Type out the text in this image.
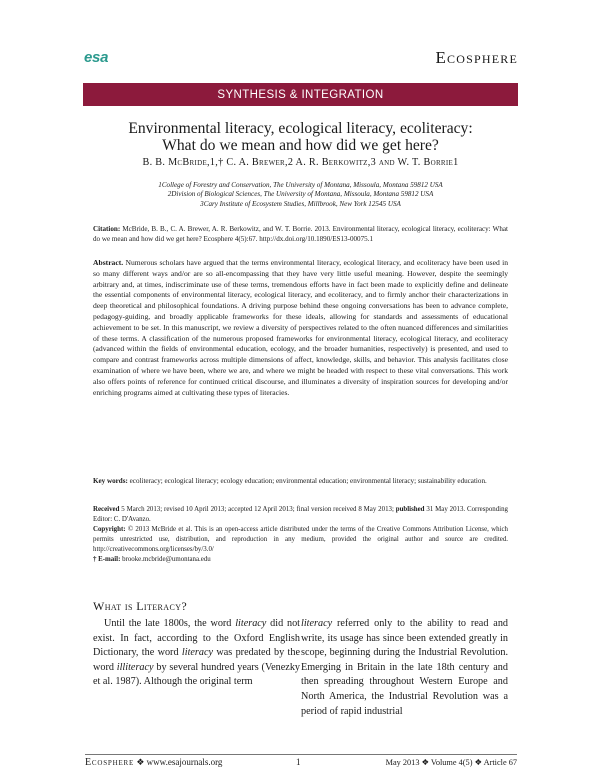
esa	Ecosphere
SYNTHESIS & INTEGRATION
Environmental literacy, ecological literacy, ecoliteracy:
What do we mean and how did we get here?
B. B. McBride,1,† C. A. Brewer,2 A. R. Berkowitz,3 and W. T. Borrie1
1College of Forestry and Conservation, The University of Montana, Missoula, Montana 59812 USA
2Division of Biological Sciences, The University of Montana, Missoula, Montana 59812 USA
3Cary Institute of Ecosystem Studies, Millbrook, New York 12545 USA
Citation: McBride, B. B., C. A. Brewer, A. R. Berkowitz, and W. T. Borrie. 2013. Environmental literacy, ecological literacy, ecoliteracy: What do we mean and how did we get here? Ecosphere 4(5):67. http://dx.doi.org/10.1890/ES13-00075.1
Abstract. Numerous scholars have argued that the terms environmental literacy, ecological literacy, and ecoliteracy have been used in so many different ways and/or are so all-encompassing that they have very little useful meaning. However, despite the seemingly arbitrary and, at times, indiscriminate use of these terms, tremendous efforts have in fact been made to explicitly define and delineate the essential components of environmental literacy, ecological literacy, and ecoliteracy, and to firmly anchor their characterizations in deep theoretical and philosophical foundations. A driving purpose behind these ongoing conversations has been to advance complete, pedagogy-guiding, and broadly applicable frameworks for these ideals, allowing for standards and assessments of educational achievement to be set. In this manuscript, we review a diversity of perspectives related to the often nuanced differences and similarities of these terms. A classification of the numerous proposed frameworks for environmental literacy, ecological literacy, and ecoliteracy (advanced within the fields of environmental education, ecology, and the broader humanities, respectively) is presented, and used to compare and contrast frameworks across multiple dimensions of affect, knowledge, skills, and behavior. This analysis facilitates close examination of where we have been, where we are, and where we might be headed with respect to these vital conversations. This work also offers points of reference for continued critical discourse, and illuminates a diversity of inspiration sources for developing and/or enriching programs aimed at cultivating these types of literacies.
Key words: ecoliteracy; ecological literacy; ecology education; environmental education; environmental literacy; sustainability education.

Received 5 March 2013; revised 10 April 2013; accepted 12 April 2013; final version received 8 May 2013; published 31 May 2013. Corresponding Editor: C. D'Avanzo.

Copyright: © 2013 McBride et al. This is an open-access article distributed under the terms of the Creative Commons Attribution License, which permits unrestricted use, distribution, and reproduction in any medium, provided the original author and source are credited. http://creativecommons.org/licenses/by/3.0/

† E-mail: brooke.mcbride@umontana.edu

What is Literacy?
Until the late 1800s, the word literacy did not exist. In fact, according to the Oxford English Dictionary, the word literacy was predated by the word illiteracy by several hundred years (Venezky et al. 1987). Although the original term
literacy referred only to the ability to read and write, its usage has since been extended greatly in scope, beginning during the Industrial Revolution. Emerging in Britain in the late 18th century and then spreading throughout Western Europe and North America, the Industrial Revolution was a period of rapid industrial
Ecosphere ❖ www.esajournals.org	1	May 2013 ❖ Volume 4(5) ❖ Article 67
